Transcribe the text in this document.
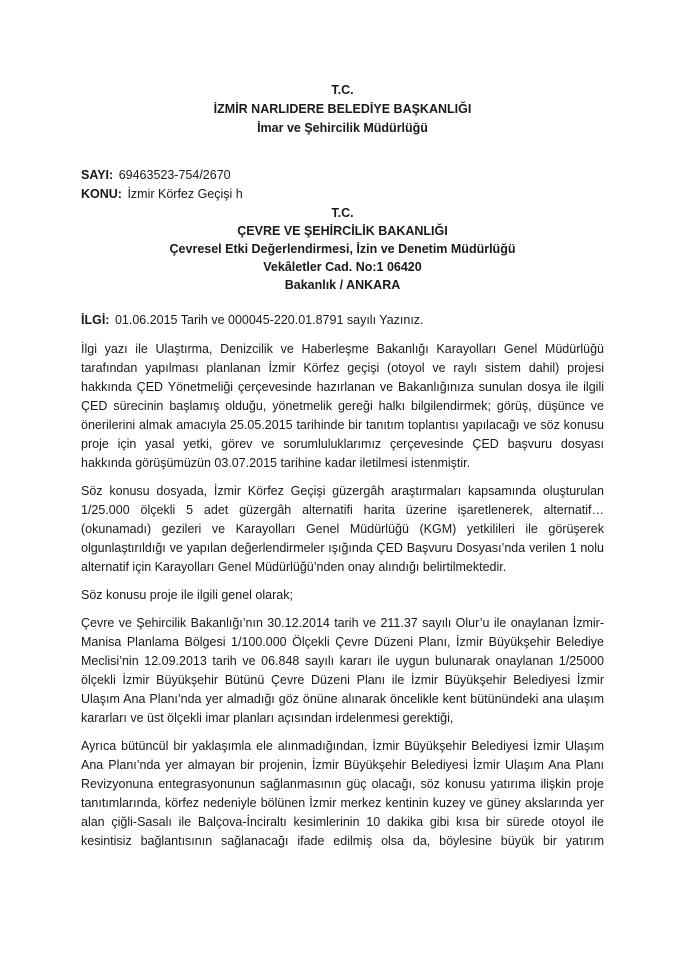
T.C.
İZMİR NARLIDERE BELEDİYE BAŞKANLIĞI
İmar ve Şehircilik Müdürlüğü
SAYI: 69463523-754/2670
KONU: İzmir Körfez Geçişi h
T.C.
ÇEVRE VE ŞEHİRCİLİK BAKANLIĞI
Çevresel Etki Değerlendirmesi, İzin ve Denetim Müdürlüğü
Vekâletler Cad. No:1 06420
Bakanlık / ANKARA
İLGİ: 01.06.2015 Tarih ve 000045-220.01.8791 sayılı Yazınız.

İlgi yazı ile Ulaştırma, Denizcilik ve Haberleşme Bakanlığı Karayolları Genel Müdürlüğü tarafından yapılması planlanan İzmir Körfez geçişi (otoyol ve raylı sistem dahil) projesi hakkında ÇED Yönetmeliği çerçevesinde hazırlanan ve Bakanlığınıza sunulan dosya ile ilgili ÇED sürecinin başlamış olduğu, yönetmelik gereği halkı bilgilendirmek; görüş, düşünce ve önerilerini almak amacıyla 25.05.2015 tarihinde bir tanıtım toplantısı yapılacağı ve söz konusu proje için yasal yetki, görev ve sorumluluklarımız çerçevesinde ÇED başvuru dosyası hakkında görüşümüzün 03.07.2015 tarihine kadar iletilmesi istenmiştir.

Söz konusu dosyada, İzmir Körfez Geçişi güzergâh araştırmaları kapsamında oluşturulan 1/25.000 ölçekli 5 adet güzergâh alternatifi harita üzerine işaretlenerek, alternatif… (okunamadı) gezileri ve Karayolları Genel Müdürlüğü (KGM) yetkilileri ile görüşerek olgunlaştırıldığı ve yapılan değerlendirmeler ışığında ÇED Başvuru Dosyası’nda verilen 1 nolu alternatif için Karayolları Genel Müdürlüğü’nden onay alındığı belirtilmektedir.

Söz konusu proje ile ilgili genel olarak;

Çevre ve Şehircilik Bakanlığı’nın 30.12.2014 tarih ve 211.37 sayılı Olur’u ile onaylanan İzmir-Manisa Planlama Bölgesi 1/100.000 Ölçekli Çevre Düzeni Planı, İzmir Büyükşehir Belediye Meclisi’nin 12.09.2013 tarih ve 06.848 sayılı kararı ile uygun bulunarak onaylanan 1/25000 ölçekli İzmir Büyükşehir Bütünü Çevre Düzeni Planı ile İzmir Büyükşehir Belediyesi İzmir Ulaşım Ana Planı’nda yer almadığı göz önüne alınarak öncelikle kent bütünündeki ana ulaşım kararları ve üst ölçekli imar planları açısından irdelenmesi gerektiği,

Ayrıca bütüncül bir yaklaşımla ele alınmadığından, İzmir Büyükşehir Belediyesi İzmir Ulaşım Ana Planı’nda yer almayan bir projenin, İzmir Büyükşehir Belediyesi İzmir Ulaşım Ana Planı Revizyonuna entegrasyonunun sağlanmasının güç olacağı, söz konusu yatırıma ilişkin proje tanıtımlarında, körfez nedeniyle bölünen İzmir merkez kentinin kuzey ve güney akslarında yer alan çiğli-Sasalı ile Balçova-İnciraltı kesimlerinin 10 dakika gibi kısa bir sürede otoyol ile kesintisiz bağlantısının sağlanacağı ifade edilmiş olsa da, böylesine büyük bir yatırım
